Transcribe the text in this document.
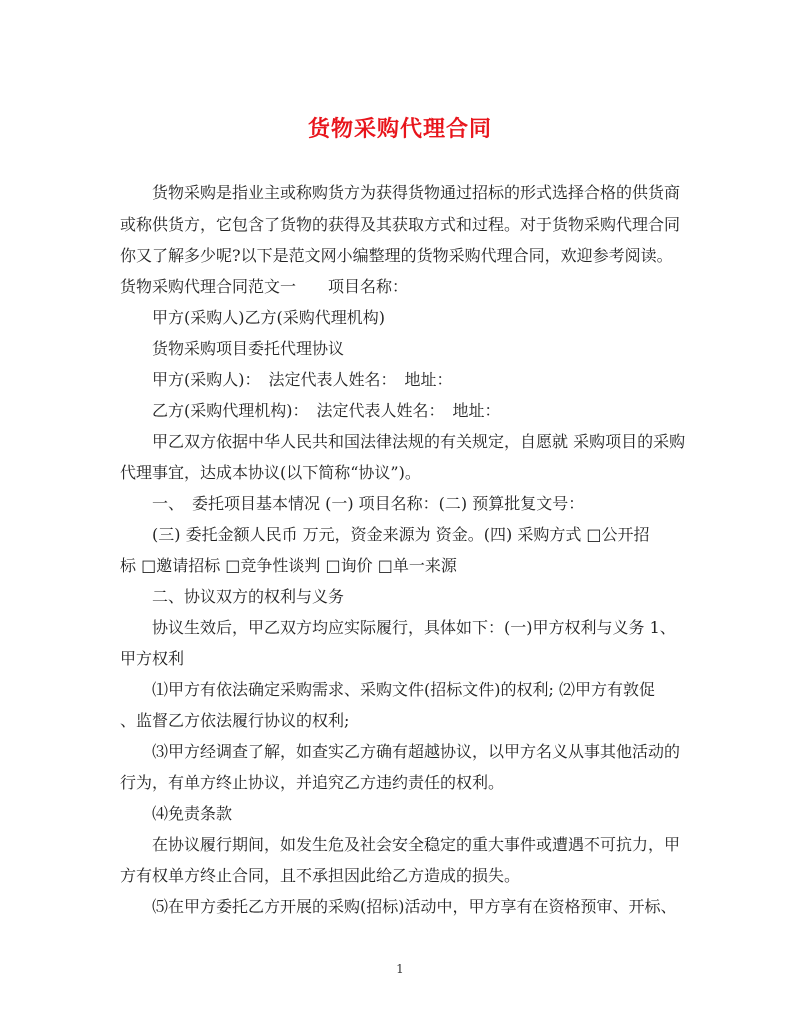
货物采购代理合同
货物采购是指业主或称购货方为获得货物通过招标的形式选择合格的供货商
或称供货方，它包含了货物的获得及其获取方式和过程。对于货物采购代理合同
你又了解多少呢?以下是范文网小编整理的货物采购代理合同，欢迎参考阅读。
货物采购代理合同范文一　　项目名称：
甲方(采购人)乙方(采购代理机构)
货物采购项目委托代理协议
甲方(采购人)：　法定代表人姓名：　地址：
乙方(采购代理机构)：　法定代表人姓名：　地址：
甲乙双方依据中华人民共和国法律法规的有关规定，自愿就 采购项目的采购
代理事宜，达成本协议(以下简称“协议”)。
一、　委托项目基本情况 (一) 项目名称：(二) 预算批复文号：
(三) 委托金额人民币 万元，资金来源为 资金。(四) 采购方式 □公开招
标 □邀请招标 □竞争性谈判 □询价 □单一来源
二、协议双方的权利与义务
协议生效后，甲乙双方均应实际履行，具体如下：(一)甲方权利与义务 1、
甲方权利
⑴甲方有依法确定采购需求、采购文件(招标文件)的权利; ⑵甲方有敦促
、监督乙方依法履行协议的权利;
⑶甲方经调查了解，如查实乙方确有超越协议，以甲方名义从事其他活动的
行为，有单方终止协议，并追究乙方违约责任的权利。
⑷免责条款
在协议履行期间，如发生危及社会安全稳定的重大事件或遭遇不可抗力，甲
方有权单方终止合同，且不承担因此给乙方造成的损失。
⑸在甲方委托乙方开展的采购(招标)活动中，甲方享有在资格预审、开标、
1
